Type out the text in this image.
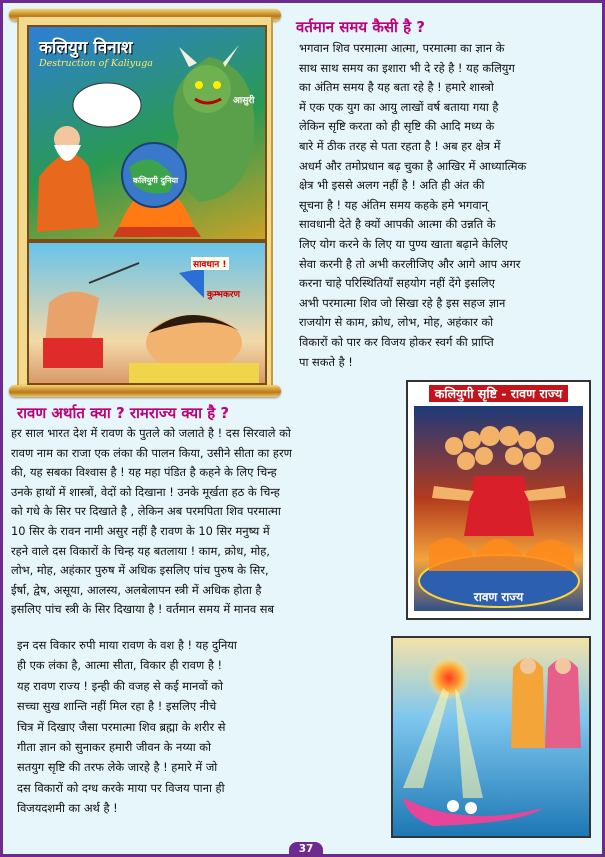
कलियुग विनाश
Destruction of Kaliyuga
कलियुगी दुनिया
आसुरी
सावधान !
कुम्भकरण
वर्तमान समय कैसी है ?
भगवान शिव परमात्मा आत्मा, परमात्मा का ज्ञान के
साथ साथ समय का इशारा भी दे रहे है ! यह कलियुग
का अंतिम समय है यह बता रहे है ! हमारे शास्त्रो
में एक एक युग का आयु लाखों वर्ष बताया गया है
लेकिन सृष्टि करता को ही सृष्टि की आदि मध्य के
बारे में ठीक तरह से पता रहता है ! अब हर क्षेत्र में
अधर्म और तमोप्रधान बढ़ चुका है आखिर में आध्यात्मिक
क्षेत्र भी इससे अलग नहीं है ! अति ही अंत की
सूचना है ! यह अंतिम समय कहके हमे भगवान्
सावधानी देते है क्यों आपकी आत्मा की उन्नति के
लिए योग करने के लिए या पुण्य खाता बढ़ाने केलिए
सेवा करनी है तो अभी करलीजिए और आगे आप अगर
करना चाहे परिस्थितियाँ सहयोग नहीं देंगे इसलिए
अभी परमात्मा शिव जो सिखा रहे है इस सहज ज्ञान
राजयोग से काम, क्रोध, लोभ, मोह, अहंकार को
विकारों को पार कर विजय होकर स्वर्ग की प्राप्ति
पा सकते है !
रावण अर्थात क्या ? रामराज्य क्या है ?
हर साल भारत देश में रावण के पुतले को जलाते है ! दस सिरवाले को
रावण नाम का राजा एक लंका की पालन किया, उसीने सीता का हरण
की, यह सबका विश्वास है ! यह महा पंडित है कहने के लिए चिन्ह
उनके हाथों में शास्त्रों, वेदों को दिखाना ! उनके मूर्खता हठ के चिन्ह
को गधे के सिर पर दिखाते है , लेकिन अब परमपिता शिव परमात्मा
10 सिर के रावन नामी असुर नहीं है रावण के 10 सिर मनुष्य में
रहने वाले दस विकारों के चिन्ह यह बतलाया ! काम, क्रोध, मोह,
लोभ, मोह, अहंकार पुरुष में अधिक इसलिए पांच पुरुष के सिर,
ईर्षा, द्वेष, असूया, आलस्य, अलबेलापन स्त्री में अधिक होता है
इसलिए पांच स्त्री के सिर दिखाया है ! वर्तमान समय में मानव सब
इन दस विकार रुपी माया रावण के वश है ! यह दुनिया
ही एक लंका है, आत्मा सीता, विकार ही रावण है !
यह रावण राज्य ! इन्ही की वजह से कई मानवों को
सच्चा सुख शान्ति नहीं मिल रहा है ! इसलिए नीचे
चित्र में दिखाए जैसा परमात्मा शिव ब्रह्मा के शरीर से
गीता ज्ञान को सुनाकर हमारी जीवन के नय्या को
सतयुग सृष्टि की तरफ लेके जारहे है ! हमारे में जो
दस विकारों को दग्ध करके माया पर विजय पाना ही
विजयदशमी का अर्थ है !
कलियुगी सृष्टि - रावण राज्य
रावण राज्य
37
